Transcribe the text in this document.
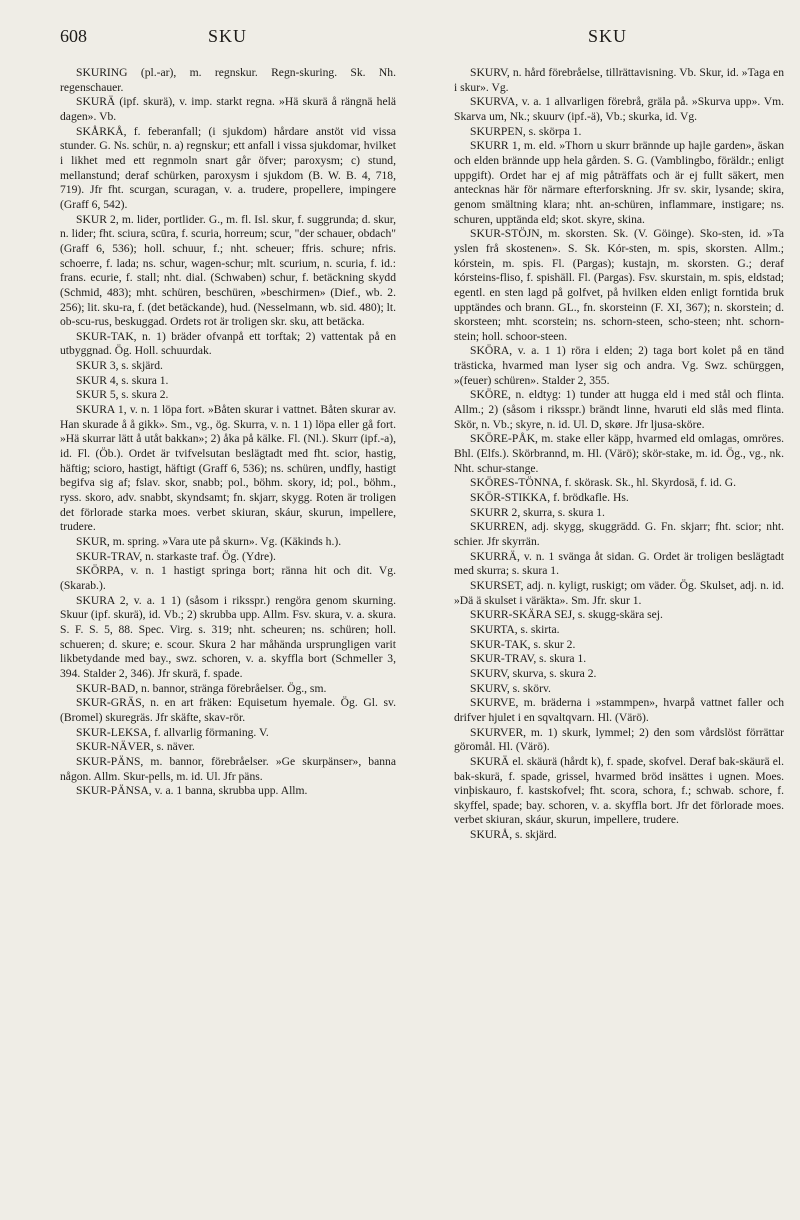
608	SKU	SKU

SKURING (pl.-ar), m. regnskur. Regn-skuring. Sk. Nh. regenschauer.

SKURÄ (ipf. skurä), v. imp. starkt regna. »Hä skurä å rängnä helä dagen». Vb.

SKÅRKÅ, f. feberanfall; (i sjukdom) hårdare anstöt vid vissa stunder. G. Ns. schür, n. a) regnskur; ett anfall i vissa sjukdomar, hvilket i likhet med ett regnmoln snart går öfver; paroxysm; c) stund, mellanstund; deraf schürken, paroxysm i sjukdom (B. W. B. 4, 718, 719). Jfr fht. scurgan, scuragan, v. a. trudere, propellere, impingere (Graff 6, 542).

SKUR 2, m. lider, portlider. G., m. fl. Isl. skur, f. suggrunda; d. skur, n. lider; fht. sciura, scūra, f. scuria, horreum; scur, "der schauer, obdach" (Graff 6, 536); holl. schuur, f.; nht. scheuer; ffris. schure; nfris. schoerre, f. lada; ns. schur, wagen-schur; mlt. scurium, n. scuria, f. id.: frans. ecurie, f. stall; nht. dial. (Schwaben) schur, f. betäckning skydd (Schmid, 483); mht. schüren, beschüren, »beschirmen» (Dief., wb. 2. 256); lit. sku-ra, f. (det betäckande), hud. (Nesselmann, wb. sid. 480); lt. ob-scu-rus, beskuggad. Ordets rot är troligen skr. sku, att betäcka.

SKUR-TAK, n. 1) bräder ofvanpå ett torftak; 2) vattentak på en utbyggnad. Ög. Holl. schuurdak.

SKUR 3, s. skjärd.

SKUR 4, s. skura 1.

SKUR 5, s. skura 2.

SKURA 1, v. n. 1 löpa fort. »Båten skurar i vattnet. Båten skurar av. Han skurade å å gikk». Sm., vg., ög. Skurra, v. n. 1 1) löpa eller gå fort. »Hä skurrar lätt å utåt bakkan»; 2) åka på kälke. Fl. (Nl.). Skurr (ipf.-a), id. Fl. (Öb.). Ordet är tvifvelsutan beslägtadt med fht. scior, hastig, häftig; scioro, hastigt, häftigt (Graff 6, 536); ns. schüren, undfly, hastigt begifva sig af; fslav. skor, snabb; pol., böhm. skory, id; pol., böhm., ryss. skoro, adv. snabbt, skyndsamt; fn. skjarr, skygg. Roten är troligen det förlorade starka moes. verbet skiuran, skáur, skurun, impellere, trudere.

SKUR, m. spring. »Vara ute på skurn». Vg. (Käkinds h.).

SKUR-TRAV, n. starkaste traf. Ög. (Ydre).

SKÖRPA, v. n. 1 hastigt springa bort; ränna hit och dit. Vg. (Skarab.).

SKURA 2, v. a. 1 1) (såsom i riksspr.) rengöra genom skurning. Skuur (ipf. skurä), id. Vb.; 2) skrubba upp. Allm. Fsv. skura, v. a. skura. S. F. S. 5, 88. Spec. Virg. s. 319; nht. scheuren; ns. schüren; holl. schueren; d. skure; e. scour. Skura 2 har måhända ursprungligen varit likbetydande med bay., swz. schoren, v. a. skyffla bort (Schmeller 3, 394. Stalder 2, 346). Jfr skurä, f. spade.

SKUR-BAD, n. bannor, stränga förebråelser. Ög., sm.

SKUR-GRÄS, n. en art fräken: Equisetum hyemale. Ög. Gl. sv. (Bromel) skuregräs. Jfr skäfte, skav-rör.

SKUR-LEKSA, f. allvarlig förmaning. V.

SKUR-NÄVER, s. näver.

SKUR-PÄNS, m. bannor, förebråelser. »Ge skurpänser», banna någon. Allm. Skur-pells, m. id. Ul. Jfr päns.

SKUR-PÄNSA, v. a. 1 banna, skrubba upp. Allm.

SKURV, n. hård förebråelse, tillrättavisning. Vb. Skur, id. »Taga en i skur». Vg.

SKURVA, v. a. 1 allvarligen förebrå, gräla på. »Skurva upp». Vm. Skarva um, Nk.; skuurv (ipf.-ä), Vb.; skurka, id. Vg.

SKURPEN, s. skörpa 1.

SKURR 1, m. eld. »Thorn u skurr brännde up hajle garden», äskan och elden brännde upp hela gården. S. G. (Vamblingbo, föräldr.; enligt uppgift). Ordet har ej af mig påträffats och är ej fullt säkert, men antecknas här för närmare efterforskning. Jfr sv. skir, lysande; skira, genom smältning klara; nht. an-schüren, inflammare, instigare; ns. schuren, upptända eld; skot. skyre, skina.

SKUR-STÖJN, m. skorsten. Sk. (V. Göinge). Sko-sten, id. »Ta yslen frå skostenen». S. Sk. Kór-sten, m. spis, skorsten. Allm.; kórstein, m. spis. Fl. (Pargas); kustajn, m. skorsten. G.; deraf kórsteins-fliso, f. spishäll. Fl. (Pargas). Fsv. skurstain, m. spis, eldstad; egentl. en sten lagd på golfvet, på hvilken elden enligt forntida bruk upptändes och brann. GL., fn. skorsteinn (F. XI, 367); n. skorstein; d. skorsteen; mht. scorstein; ns. schorn-steen, scho-steen; nht. schorn-stein; holl. schoor-steen.

SKÖRA, v. a. 1 1) röra i elden; 2) taga bort kolet på en tänd trästicka, hvarmed man lyser sig och andra. Vg. Swz. schürggen, »(feuer) schüren». Stalder 2, 355.

SKÖRE, n. eldtyg: 1) tunder att hugga eld i med stål och flinta. Allm.; 2) (såsom i riksspr.) brändt linne, hvaruti eld slås med flinta. Skör, n. Vb.; skyre, n. id. Ul. D, skøre. Jfr ljusa-sköre.

SKÖRE-PÅK, m. stake eller käpp, hvarmed eld omlagas, omröres. Bhl. (Elfs.). Skörbrannd, m. Hl. (Värö); skör-stake, m. id. Ög., vg., nk. Nht. schur-stange.

SKÖRES-TÖNNA, f. skörask. Sk., hl. Skyrdosä, f. id. G.

SKÖR-STIKKA, f. brödkafle. Hs.

SKURR 2, skurra, s. skura 1.

SKURREN, adj. skygg, skuggrädd. G. Fn. skjarr; fht. scior; nht. schier. Jfr skyrrän.

SKURRÄ, v. n. 1 svänga åt sidan. G. Ordet är troligen beslägtadt med skurra; s. skura 1.

SKURSET, adj. n. kyligt, ruskigt; om väder. Ög. Skulset, adj. n. id. »Dä ä skulset i väräkta». Sm. Jfr. skur 1.

SKURR-SKÄRA SEJ, s. skugg-skära sej.

SKURTA, s. skirta.

SKUR-TAK, s. skur 2.

SKUR-TRAV, s. skura 1.

SKURV, skurva, s. skura 2.

SKURV, s. skörv.

SKURVE, m. bräderna i »stammpen», hvarpå vattnet faller och drifver hjulet i en sqvaltqvarn. Hl. (Värö).

SKURVER, m. 1) skurk, lymmel; 2) den som vårdslöst förrättar göromål. Hl. (Värö).

SKURÄ el. skäurä (hårdt k), f. spade, skofvel. Deraf bak-skäurä el. bak-skurä, f. spade, grissel, hvarmed bröd insättes i ugnen. Moes. vinþiskauro, f. kastskofvel; fht. scora, schora, f.; schwab. schore, f. skyffel, spade; bay. schoren, v. a. skyffla bort. Jfr det förlorade moes. verbet skiuran, skáur, skurun, impellere, trudere.

SKURÅ, s. skjärd.
